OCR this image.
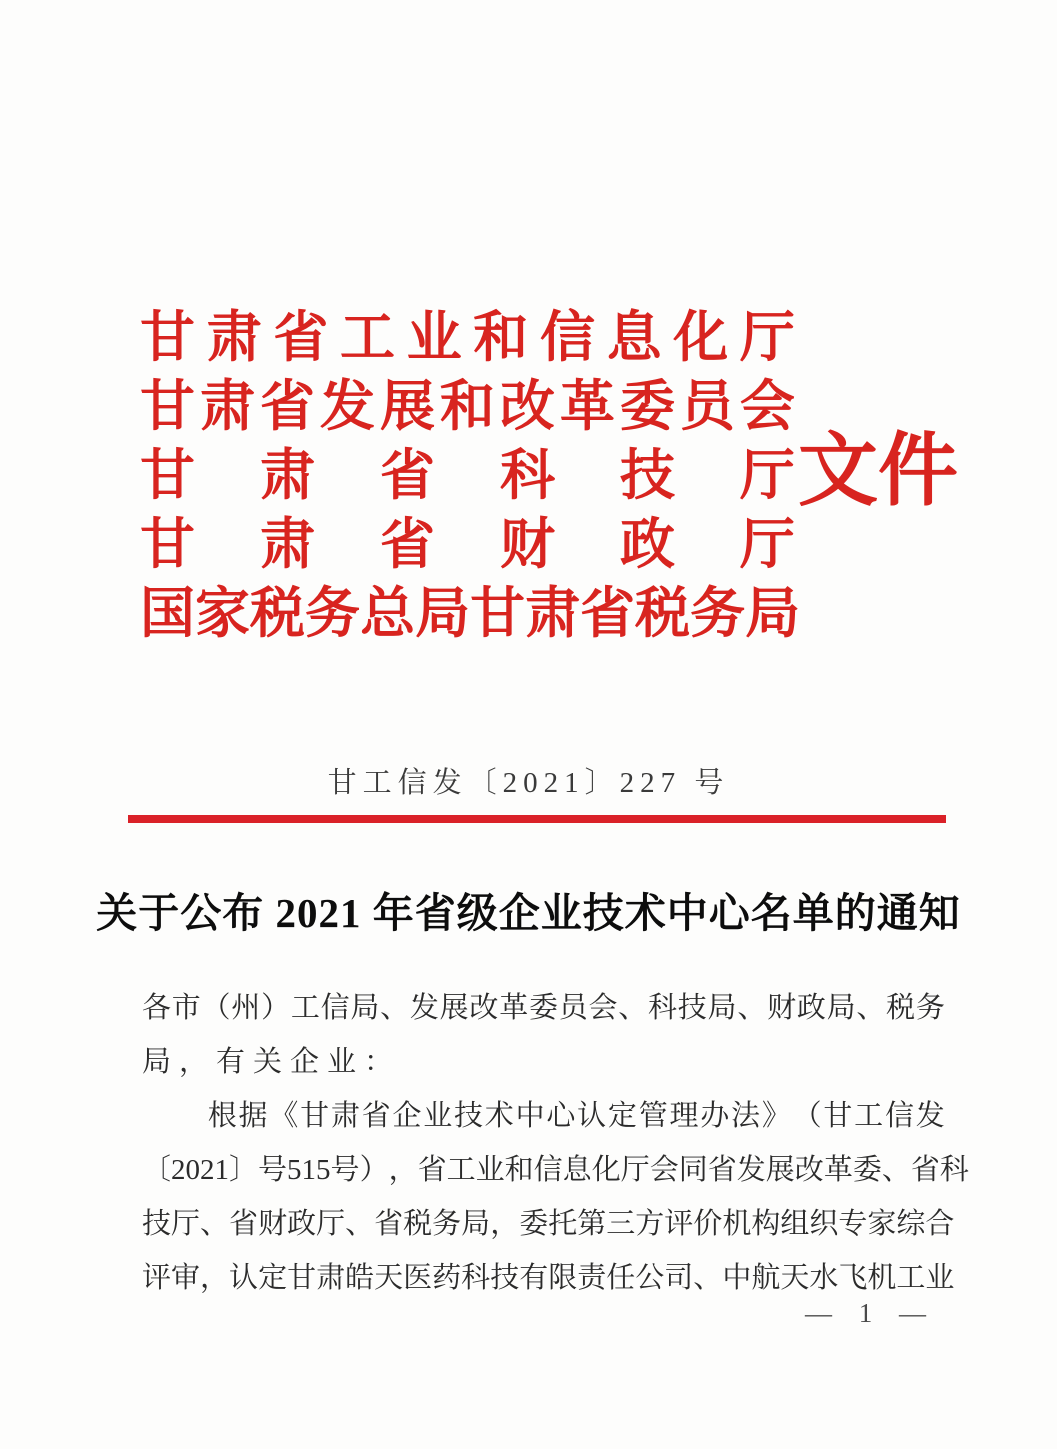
甘 肃 省 工 业 和 信 息 化 厅
甘 肃 省 发 展 和 改 革 委 员 会
甘 肃 省 科 技 厅
甘 肃 省 财 政 厅
国 家 税 务 总 局 甘 肃 省 税 务 局
文 件
甘工信发〔2021〕227 号
关于公布 2021 年省级企业技术中心名单的通知
各 市 （ 州 ） 工 信 局 、 发 展 改 革 委 员 会 、 科 技 局 、 财 政 局 、 税 务
局，有关企业：
根 据 《 甘 肃 省 企 业 技 术 中 心 认 定 管 理 办 法 》 （ 甘 工 信 发
〔 2021 〕 号 515 号 ） ， 省 工 业 和 信 息 化 厅 会 同 省 发 展 改 革 委 、 省 科
技 厅 、 省 财 政 厅 、 省 税 务 局 ， 委 托 第 三 方 评 价 机 构 组 织 专 家 综 合
评 审 ， 认 定 甘 肃 皓 天 医 药 科 技 有 限 责 任 公 司 、 中 航 天 水 飞 机 工 业
— 1 —
